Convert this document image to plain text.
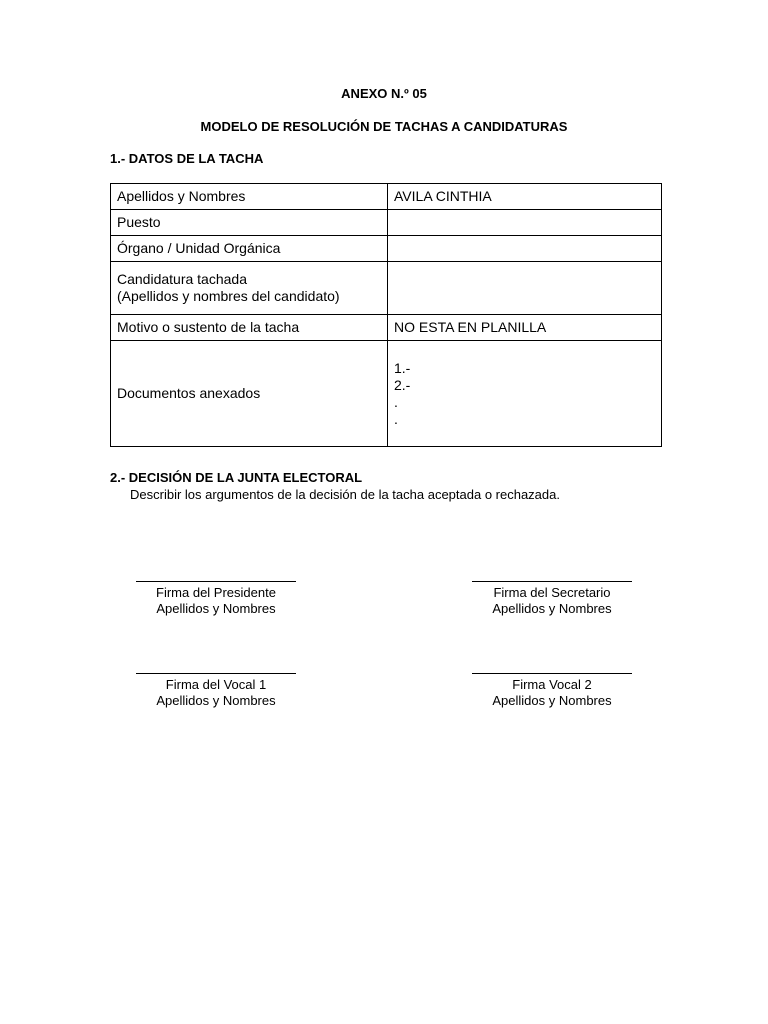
ANEXO N.º 05
MODELO DE RESOLUCIÓN DE TACHAS A CANDIDATURAS
1.- DATOS DE LA TACHA
Apellidos y Nombres	AVILA CINTHIA
Puesto	
Órgano / Unidad Orgánica	

Candidatura tachada
(Apellidos y nombres del candidato)	

Motivo o sustento de la tacha	NO ESTA EN PLANILLA
Documentos anexados	1.-
2.-
.
.
2.- DECISIÓN DE LA JUNTA ELECTORAL
Describir los argumentos de la decisión de la tacha aceptada o rechazada.
Firma del Presidente
Apellidos y Nombres
Firma del Secretario
Apellidos y Nombres
Firma del Vocal 1
Apellidos y Nombres
Firma Vocal 2
Apellidos y Nombres
